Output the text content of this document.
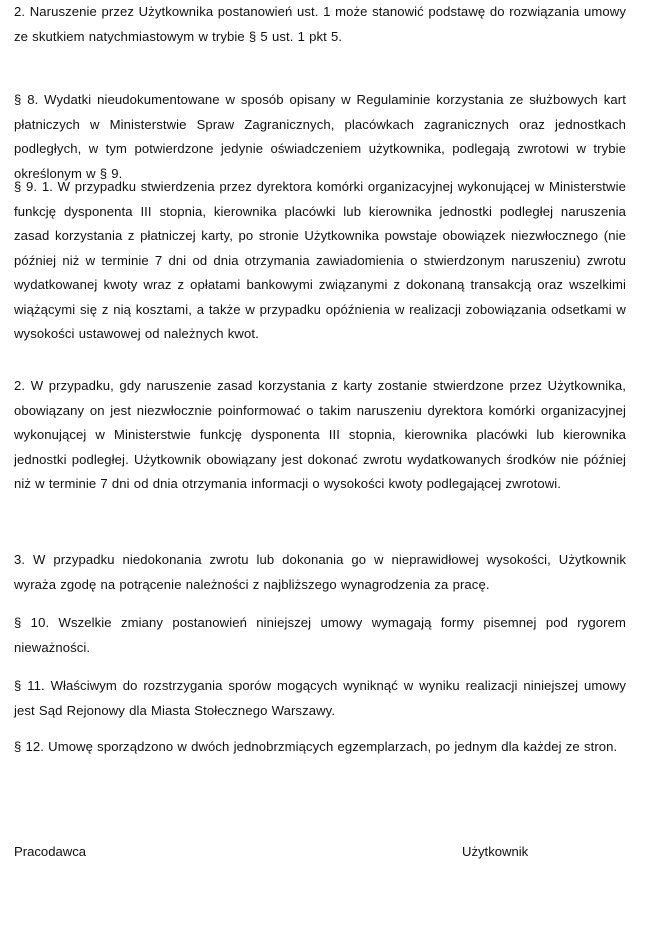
2. Naruszenie przez Użytkownika postanowień ust. 1 może stanowić podstawę do rozwiązania umowy ze skutkiem natychmiastowym w trybie § 5 ust. 1 pkt 5.

§ 8. Wydatki nieudokumentowane w sposób opisany w Regulaminie korzystania ze służbowych kart płatniczych w Ministerstwie Spraw Zagranicznych, placówkach zagranicznych oraz jednostkach podległych, w tym potwierdzone jedynie oświadczeniem użytkownika, podlegają zwrotowi w trybie określonym w § 9.

§ 9. 1. W przypadku stwierdzenia przez dyrektora komórki organizacyjnej wykonującej w Ministerstwie funkcję dysponenta III stopnia, kierownika placówki lub kierownika jednostki podległej naruszenia zasad korzystania z płatniczej karty, po stronie Użytkownika powstaje obowiązek niezwłocznego (nie później niż w terminie 7 dni od dnia otrzymania zawiadomienia o stwierdzonym naruszeniu) zwrotu wydatkowanej kwoty wraz z opłatami bankowymi związanymi z dokonaną transakcją oraz wszelkimi wiążącymi się z nią kosztami, a także w przypadku opóźnienia w realizacji zobowiązania odsetkami w wysokości ustawowej od należnych kwot.

2. W przypadku, gdy naruszenie zasad korzystania z karty zostanie stwierdzone przez Użytkownika, obowiązany on jest niezwłocznie poinformować o takim naruszeniu dyrektora komórki organizacyjnej wykonującej w Ministerstwie funkcję dysponenta III stopnia, kierownika placówki lub kierownika jednostki podległej. Użytkownik obowiązany jest dokonać zwrotu wydatkowanych środków nie później niż w terminie 7 dni od dnia otrzymania informacji o wysokości kwoty podlegającej zwrotowi.

3. W przypadku niedokonania zwrotu lub dokonania go w nieprawidłowej wysokości, Użytkownik wyraża zgodę na potrącenie należności z najbliższego wynagrodzenia za pracę.

§ 10. Wszelkie zmiany postanowień niniejszej umowy wymagają formy pisemnej pod rygorem nieważności.

§ 11. Właściwym do rozstrzygania sporów mogących wyniknąć w wyniku realizacji niniejszej umowy jest Sąd Rejonowy dla Miasta Stołecznego Warszawy.

§ 12. Umowę sporządzono w dwóch jednobrzmiących egzemplarzach, po jednym dla każdej ze stron.

Pracodawca	Użytkownik
